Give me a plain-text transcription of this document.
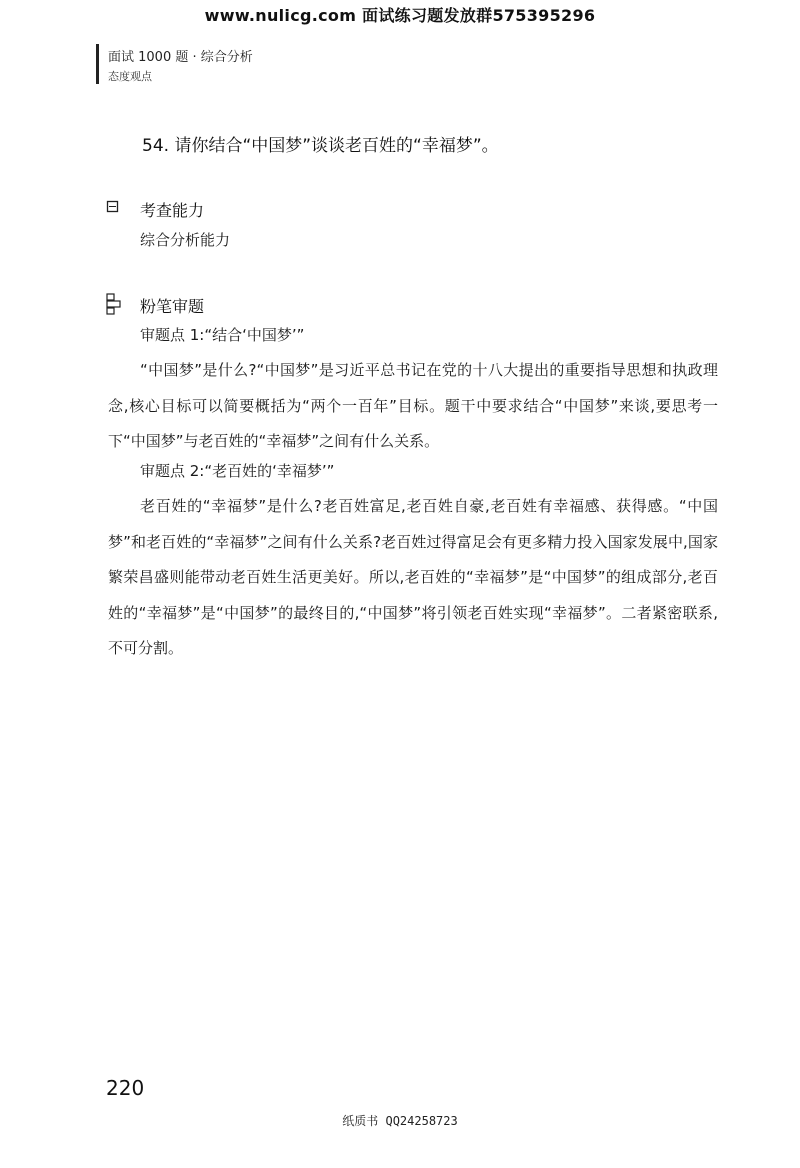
www.nulicg.com 面试练习题发放群575395296
面试 1000 题 · 综合分析
态度观点
54. 请你结合“中国梦”谈谈老百姓的“幸福梦”。
考查能力
综合分析能力
粉笔审题
审题点 1:“结合‘中国梦’”

“中国梦”是什么?“中国梦”是习近平总书记在党的十八大提出的重要指导思想和执政理念,核心目标可以简要概括为“两个一百年”目标。题干中要求结合“中国梦”来谈,要思考一下“中国梦”与老百姓的“幸福梦”之间有什么关系。

审题点 2:“老百姓的‘幸福梦’”

老百姓的“幸福梦”是什么?老百姓富足,老百姓自豪,老百姓有幸福感、获得感。“中国梦”和老百姓的“幸福梦”之间有什么关系?老百姓过得富足会有更多精力投入国家发展中,国家繁荣昌盛则能带动老百姓生活更美好。所以,老百姓的“幸福梦”是“中国梦”的组成部分,老百姓的“幸福梦”是“中国梦”的最终目的,“中国梦”将引领老百姓实现“幸福梦”。二者紧密联系,不可分割。

220
纸质书 QQ24258723
